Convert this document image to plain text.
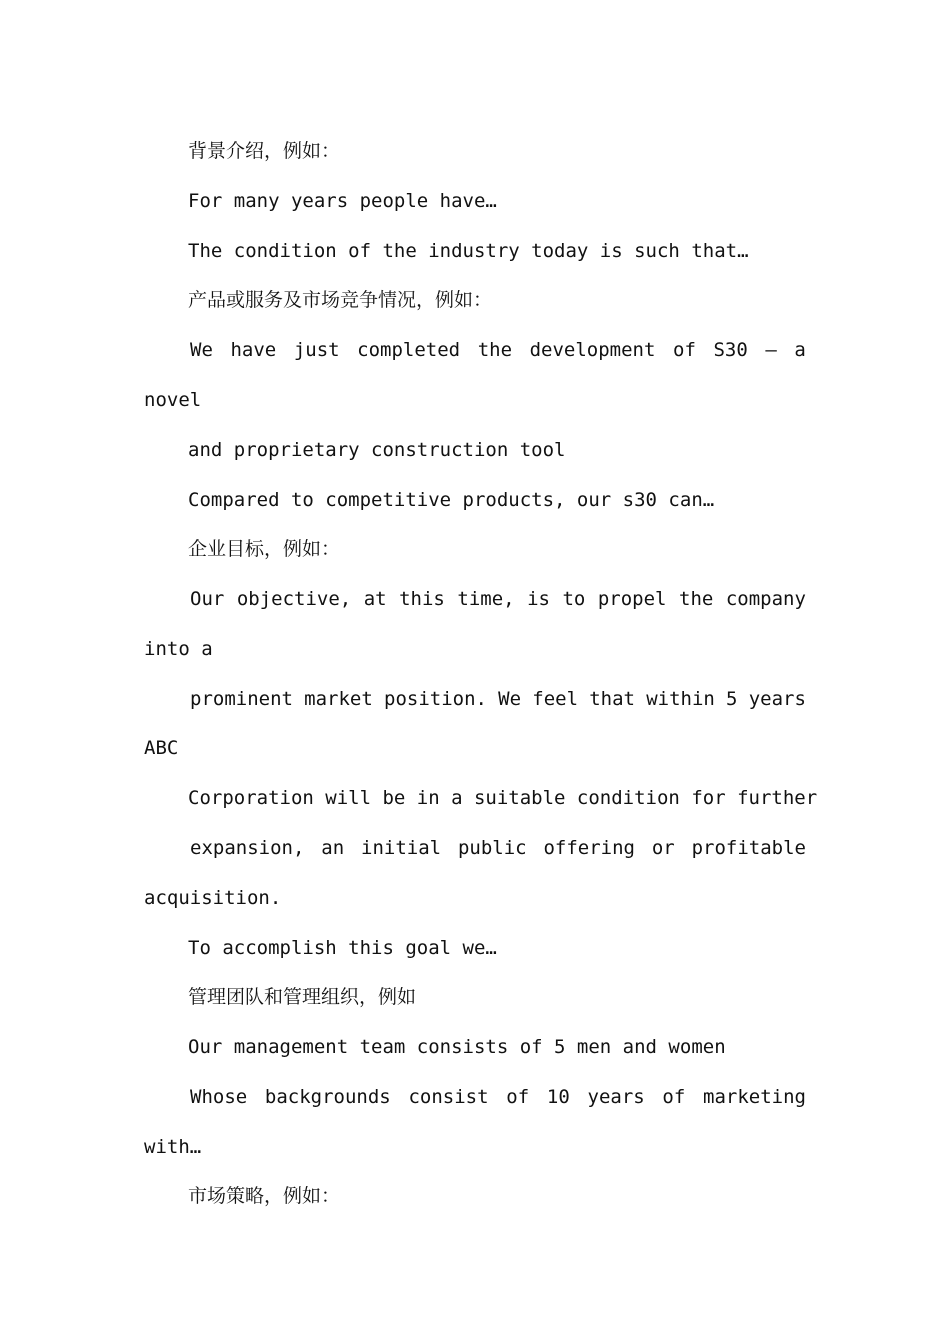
背景介绍，例如：
For many years people have…
The condition of the industry today is such that…
产品或服务及市场竞争情况，例如：
We have just completed the development of S30 – a
novel
and proprietary construction tool
Compared to competitive products, our s30 can…
企业目标，例如：
Our objective, at this time, is to propel the company
into a
prominent market position. We feel that within 5 years
ABC
Corporation will be in a suitable condition for further
expansion, an initial public offering or profitable
acquisition.
To accomplish this goal we…
管理团队和管理组织，例如
Our management team consists of 5 men and women
Whose backgrounds consist of 10 years of marketing
with…
市场策略，例如：
